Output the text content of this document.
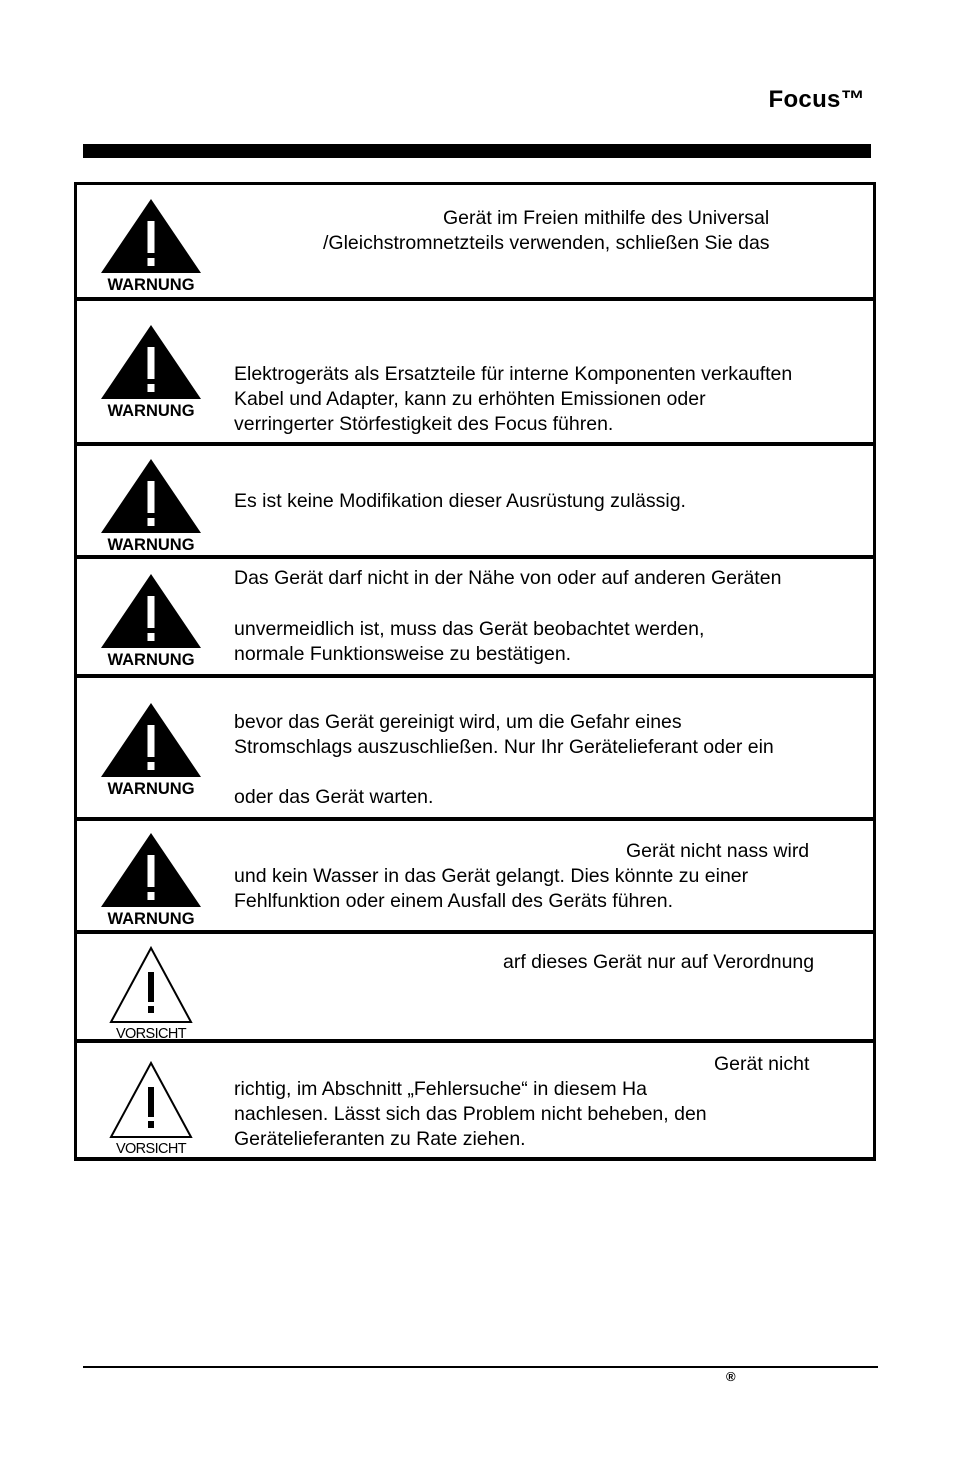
Focus™
WARNUNG
Gerät im Freien mithilfe des Universal
/Gleichstromnetzteils verwenden, schließen Sie das
WARNUNG
Elektrogeräts als Ersatzteile für interne Komponenten verkauften
Kabel und Adapter, kann zu erhöhten Emissionen oder
verringerter Störfestigkeit des Focus führen.
WARNUNG
Es ist keine Modifikation dieser Ausrüstung zulässig.
WARNUNG
Das Gerät darf nicht in der Nähe von oder auf anderen Geräten
unvermeidlich ist, muss das Gerät beobachtet werden,
normale Funktionsweise zu bestätigen.
WARNUNG
bevor das Gerät gereinigt wird, um die Gefahr eines
Stromschlags auszuschließen. Nur Ihr Gerätelieferant oder ein
oder das Gerät warten.
WARNUNG
Gerät nicht nass wird
und kein Wasser in das Gerät gelangt. Dies könnte zu einer
Fehlfunktion oder einem Ausfall des Geräts führen.
VORSICHT
arf dieses Gerät nur auf Verordnung
VORSICHT
Gerät nicht
richtig, im Abschnitt „Fehlersuche“ in diesem Ha
nachlesen. Lässt sich das Problem nicht beheben, den
Gerätelieferanten zu Rate ziehen.
®
